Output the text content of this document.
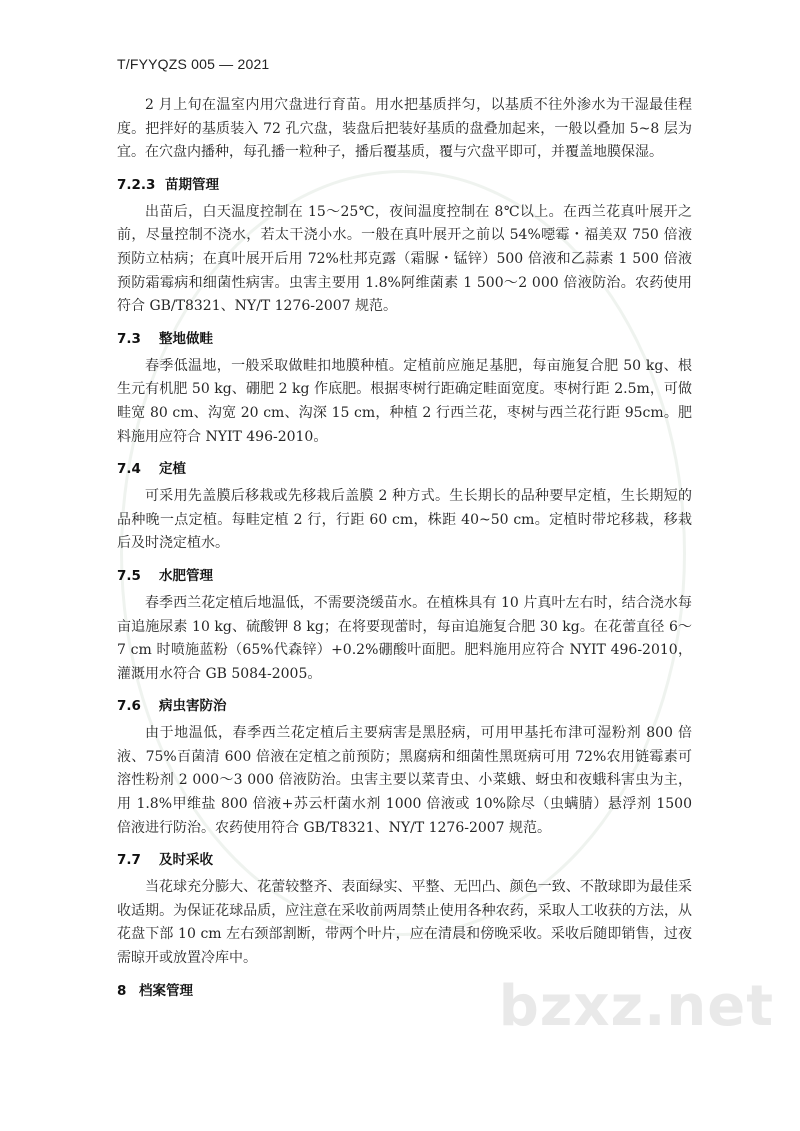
T/FYYQZS 005 — 2021

2 月上旬在温室内用穴盘进行育苗。用水把基质拌匀，以基质不往外渗水为干湿最佳程度。把拌好的基质装入 72 孔穴盘，装盘后把装好基质的盘叠加起来，一般以叠加 5~8 层为宜。在穴盘内播种，每孔播一粒种子，播后覆基质，覆与穴盘平即可，并覆盖地膜保湿。

7.2.3 苗期管理

出苗后，白天温度控制在 15～25℃，夜间温度控制在 8℃以上。在西兰花真叶展开之前，尽量控制不浇水，若太干浇小水。一般在真叶展开之前以 54%噁霉・福美双 750 倍液预防立枯病；在真叶展开后用 72%杜邦克露（霜脲・锰锌）500 倍液和乙蒜素 1 500 倍液预防霜霉病和细菌性病害。虫害主要用 1.8%阿维菌素 1 500～2 000 倍液防治。农药使用符合 GB/T8321、NY/T 1276-2007 规范。

7.3 整地做畦

春季低温地，一般采取做畦扣地膜种植。定植前应施足基肥，每亩施复合肥 50 kg、根生元有机肥 50 kg、硼肥 2 kg 作底肥。根据枣树行距确定畦面宽度。枣树行距 2.5m，可做畦宽 80 cm、沟宽 20 cm、沟深 15 cm，种植 2 行西兰花，枣树与西兰花行距 95cm。肥料施用应符合 NYIT 496-2010。

7.4 定植

可采用先盖膜后移栽或先移栽后盖膜 2 种方式。生长期长的品种要早定植，生长期短的品种晚一点定植。每畦定植 2 行，行距 60 cm，株距 40~50 cm。定植时带坨移栽，移栽后及时浇定植水。

7.5 水肥管理

春季西兰花定植后地温低，不需要浇缓苗水。在植株具有 10 片真叶左右时，结合浇水每亩追施尿素 10 kg、硫酸钾 8 kg；在将要现蕾时，每亩追施复合肥 30 kg。在花蕾直径 6～7 cm 时喷施蓝粉（65%代森锌）+0.2%硼酸叶面肥。肥料施用应符合 NYIT 496-2010，灌溉用水符合 GB 5084-2005。

7.6 病虫害防治

由于地温低，春季西兰花定植后主要病害是黑胫病，可用甲基托布津可湿粉剂 800 倍液、75%百菌清 600 倍液在定植之前预防；黑腐病和细菌性黑斑病可用 72%农用链霉素可溶性粉剂 2 000～3 000 倍液防治。虫害主要以菜青虫、小菜蛾、蚜虫和夜蛾科害虫为主，用 1.8%甲维盐 800 倍液+苏云杆菌水剂 1000 倍液或 10%除尽（虫螨腈）悬浮剂 1500 倍液进行防治。农药使用符合 GB/T8321、NY/T 1276-2007 规范。

7.7 及时采收

当花球充分膨大、花蕾较整齐、表面绿实、平整、无凹凸、颜色一致、不散球即为最佳采收适期。为保证花球品质，应注意在采收前两周禁止使用各种农药，采取人工收获的方法，从花盘下部 10 cm 左右颈部割断，带两个叶片，应在清晨和傍晚采收。采收后随即销售，过夜需晾开或放置冷库中。

8 档案管理	bzxz.net
